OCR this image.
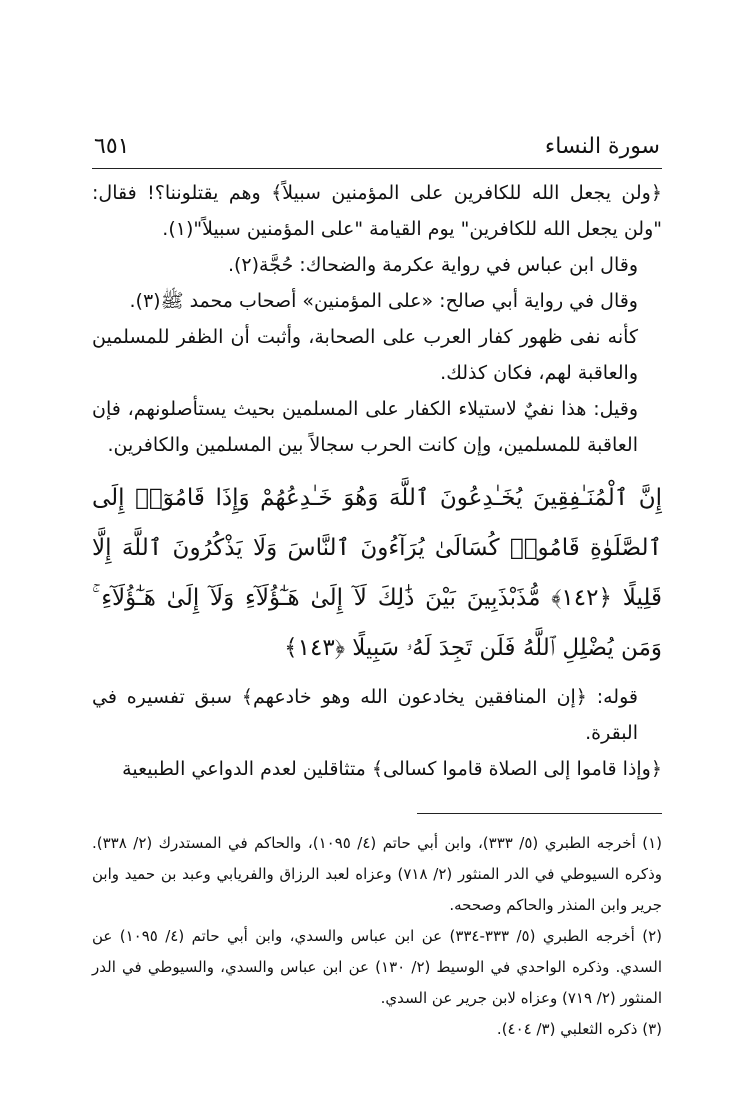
سورة النساء
٦٥١

﴿ولن يجعل الله للكافرين على المؤمنين سبيلاً﴾ وهم يقتلوننا؟! فقال: "ولن يجعل الله للكافرين" يوم القيامة "على المؤمنين سبيلاً"(١).

وقال ابن عباس في رواية عكرمة والضحاك: حُجَّة(٢).

وقال في رواية أبي صالح: «على المؤمنين» أصحاب محمد ﷺ(٣).

كأنه نفى ظهور كفار العرب على الصحابة، وأثبت أن الظفر للمسلمين والعاقبة لهم، فكان كذلك.

وقيل: هذا نفيٌ لاستيلاء الكفار على المسلمين بحيث يستأصلونهم، فإن العاقبة للمسلمين، وإن كانت الحرب سجالاً بين المسلمين والكافرين.

إِنَّ ٱلْمُنَـٰفِقِينَ يُخَـٰدِعُونَ ٱللَّهَ وَهُوَ خَـٰدِعُهُمْ وَإِذَا قَامُوٓا۟ إِلَى ٱلصَّلَوٰةِ قَامُوا۟ كُسَالَىٰ يُرَآءُونَ ٱلنَّاسَ وَلَا يَذْكُرُونَ ٱللَّهَ إِلَّا قَلِيلًا ﴿١٤٢﴾ مُّذَبْذَبِينَ بَيْنَ ذَٰلِكَ لَآ إِلَىٰ هَـٰٓؤُلَآءِ وَلَآ إِلَىٰ هَـٰٓؤُلَآءِ ۚ وَمَن يُضْلِلِ ٱللَّهُ فَلَن تَجِدَ لَهُۥ سَبِيلًا ﴿١٤٣﴾

قوله: ﴿إن المنافقين يخادعون الله وهو خادعهم﴾ سبق تفسيره في البقرة.

﴿وإذا قاموا إلى الصلاة قاموا كسالى﴾ متثاقلين لعدم الدواعي الطبيعية

(١) أخرجه الطبري (٥/ ٣٣٣)، وابن أبي حاتم (٤/ ١٠٩٥)، والحاكم في المستدرك (٢/ ٣٣٨). وذكره السيوطي في الدر المنثور (٢/ ٧١٨) وعزاه لعبد الرزاق والفريابي وعبد بن حميد وابن جرير وابن المنذر والحاكم وصححه.

(٢) أخرجه الطبري (٥/ ٣٣٣-٣٣٤) عن ابن عباس والسدي، وابن أبي حاتم (٤/ ١٠٩٥) عن السدي. وذكره الواحدي في الوسيط (٢/ ١٣٠) عن ابن عباس والسدي، والسيوطي في الدر المنثور (٢/ ٧١٩) وعزاه لابن جرير عن السدي.

(٣) ذكره الثعلبي (٣/ ٤٠٤).
